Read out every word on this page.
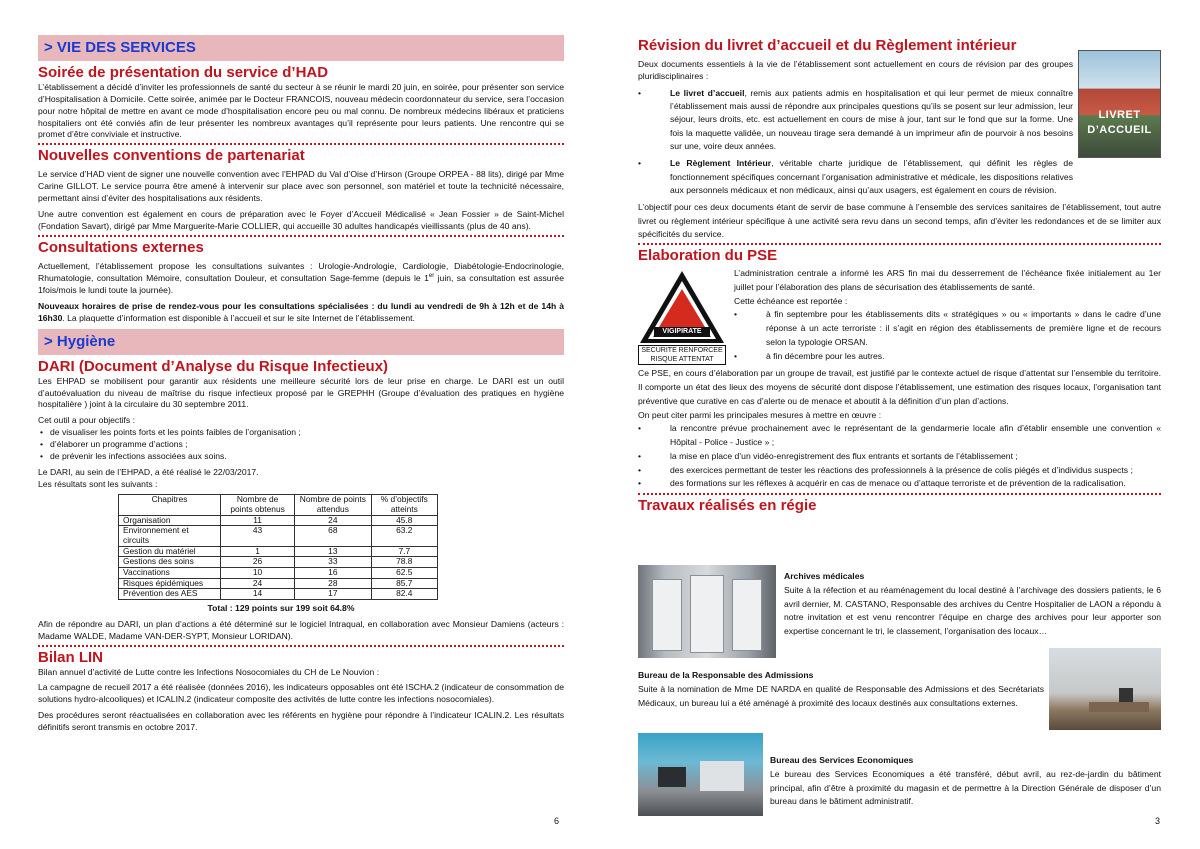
> VIE DES SERVICES
Soirée de présentation du service d’HAD

L’établissement a décidé d’inviter les professionnels de santé du secteur à se réunir le mardi 20 juin, en soirée, pour présenter son service d’Hospitalisation à Domicile. Cette soirée, animée par le Docteur FRANCOIS, nouveau médecin coordonnateur du service, sera l’occasion pour notre hôpital de mettre en avant ce mode d’hospitalisation encore peu ou mal connu. De nombreux médecins libéraux et praticiens hospitaliers ont été conviés afin de leur présenter les nombreux avantages qu’il représente pour leurs patients. Une rencontre qui se promet d’être conviviale et instructive.

Nouvelles conventions de partenariat

Le service d’HAD vient de signer une nouvelle convention avec l’EHPAD du Val d’Oise d’Hirson (Groupe ORPEA - 88 lits), dirigé par Mme Carine GILLOT. Le service pourra être amené à intervenir sur place avec son personnel, son matériel et toute la technicité nécessaire, permettant ainsi d’éviter des hospitalisations aux résidents.

Une autre convention est également en cours de préparation avec le Foyer d’Accueil Médicalisé « Jean Fossier » de Saint-Michel (Fondation Savart), dirigé par Mme Marguerite-Marie COLLIER, qui accueille 30 adultes handicapés vieillissants (plus de 40 ans).

Consultations externes

Actuellement, l’établissement propose les consultations suivantes : Urologie-Andrologie, Cardiologie, Diabétologie-Endocrinologie, Rhumatologie, consultation Mémoire, consultation Douleur, et consultation Sage-femme (depuis le 1er juin, sa consultation est assurée 1fois/mois le lundi toute la journée).

Nouveaux horaires de prise de rendez-vous pour les consultations spécialisées : du lundi au vendredi de 9h à 12h et de 14h à 16h30. La plaquette d’information est disponible à l’accueil et sur le site Internet de l’établissement.

> Hygiène
DARI (Document d’Analyse du Risque Infectieux)

Les EHPAD se mobilisent pour garantir aux résidents une meilleure sécurité lors de leur prise en charge. Le DARI est un outil d’autoévaluation du niveau de maîtrise du risque infectieux proposé par le GREPHH (Groupe d’évaluation des pratiques en hygiène hospitalière ) joint à la circulaire du 30 septembre 2011.

Cet outil a pour objectifs :

• de visualiser les points forts et les points faibles de l’organisation ;
• d’élaborer un programme d’actions ;
• de prévenir les infections associées aux soins.

Le DARI, au sein de l’EHPAD, a été réalisé le 22/03/2017.

Les résultats sont les suivants :

Chapitres	Nombre de points obtenus	Nombre de points attendus	% d’objectifs atteints
Organisation	11	24	45.8
Environnement et circuits	43	68	63.2
Gestion du matériel	1	13	7.7
Gestions des soins	26	33	78.8
Vaccinations	10	16	62.5
Risques épidémiques	24	28	85.7
Prévention des AES	14	17	82.4
Total : 129 points sur 199 soit 64.8%

Afin de répondre au DARI, un plan d’actions a été déterminé sur le logiciel Intraqual, en collaboration avec Monsieur Damiens (acteurs : Madame WALDE, Madame VAN-DER-SYPT, Monsieur LORIDAN).

Bilan LIN

Bilan annuel d’activité de Lutte contre les Infections Nosocomiales du CH de Le Nouvion :

La campagne de recueil 2017 a été réalisée (données 2016), les indicateurs opposables ont été ISCHA.2 (indicateur de consommation de solutions hydro-alcooliques) et ICALIN.2 (indicateur composite des activités de lutte contre les infections nosocomiales).

Des procédures seront réactualisées en collaboration avec les référents en hygiène pour répondre à l’indicateur ICALIN.2. Les résultats définitifs seront transmis en octobre 2017.

6
Révision du livret d’accueil et du Règlement intérieur

Deux documents essentiels à la vie de l’établissement sont actuellement en cours de révision par des groupes pluridisciplinaires :

• Le livret d’accueil, remis aux patients admis en hospitalisation et qui leur permet de mieux connaître l’établissement mais aussi de répondre aux principales questions qu’ils se posent sur leur admission, leur séjour, leurs droits, etc. est actuellement en cours de mise à jour, tant sur le fond que sur la forme. Une fois la maquette validée, un nouveau tirage sera demandé à un imprimeur afin de pourvoir à nos besoins sur une, voire deux années.
• Le Règlement Intérieur, véritable charte juridique de l’établissement, qui définit les règles de fonctionnement spécifiques concernant l’organisation administrative et médicale, les dispositions relatives aux personnels médicaux et non médicaux, ainsi qu’aux usagers, est également en cours de révision.

L’objectif pour ces deux documents étant de servir de base commune à l’ensemble des services sanitaires de l’établissement, tout autre livret ou règlement intérieur spécifique à une activité sera revu dans un second temps, afin d’éviter les redondances et de se limiter aux spécificités du service.

LIVRET D’ACCUEIL
Elaboration du PSE
VIGIPIRATE
SECURITE RENFORCEE
RISQUE ATTENTAT

L’administration centrale a informé les ARS fin mai du desserrement de l’échéance fixée initialement au 1er juillet pour l’élaboration des plans de sécurisation des établissements de santé.

Cette échéance est reportée :

• à fin septembre pour les établissements dits « stratégiques » ou « importants » dans le cadre d’une réponse à un acte terroriste : il s’agit en région des établissements de première ligne et de recours selon la typologie ORSAN.
• à fin décembre pour les autres.

Ce PSE, en cours d’élaboration par un groupe de travail, est justifié par le contexte actuel de risque d’attentat sur l’ensemble du territoire. Il comporte un état des lieux des moyens de sécurité dont dispose l’établissement, une estimation des risques locaux, l’organisation tant préventive que curative en cas d’alerte ou de menace et aboutit à la définition d’un plan d’actions.

On peut citer parmi les principales mesures à mettre en œuvre :

• la rencontre prévue prochainement avec le représentant de la gendarmerie locale afin d’établir ensemble une convention « Hôpital - Police - Justice » ;
• la mise en place d’un vidéo-enregistrement des flux entrants et sortants de l’établissement ;
• des exercices permettant de tester les réactions des professionnels à la présence de colis piégés et d’individus suspects ;
• des formations sur les réflexes à acquérir en cas de menace ou d’attaque terroriste et de prévention de la radicalisation.
Travaux réalisés en régie
Archives médicales

Suite à la réfection et au réaménagement du local destiné à l’archivage des dossiers patients, le 6 avril dernier, M. CASTANO, Responsable des archives du Centre Hospitalier de LAON a répondu à notre invitation et est venu rencontrer l’équipe en charge des archives pour leur apporter son expertise concernant le tri, le classement, l’organisation des locaux…

Bureau de la Responsable des Admissions

Suite à la nomination de Mme DE NARDA en qualité de Responsable des Admissions et des Secrétariats Médicaux, un bureau lui a été aménagé à proximité des locaux destinés aux consultations externes.

Bureau des Services Economiques

Le bureau des Services Economiques a été transféré, début avril, au rez-de-jardin du bâtiment principal, afin d’être à proximité du magasin et de permettre à la Direction Générale de disposer d’un bureau dans le bâtiment administratif.

3
